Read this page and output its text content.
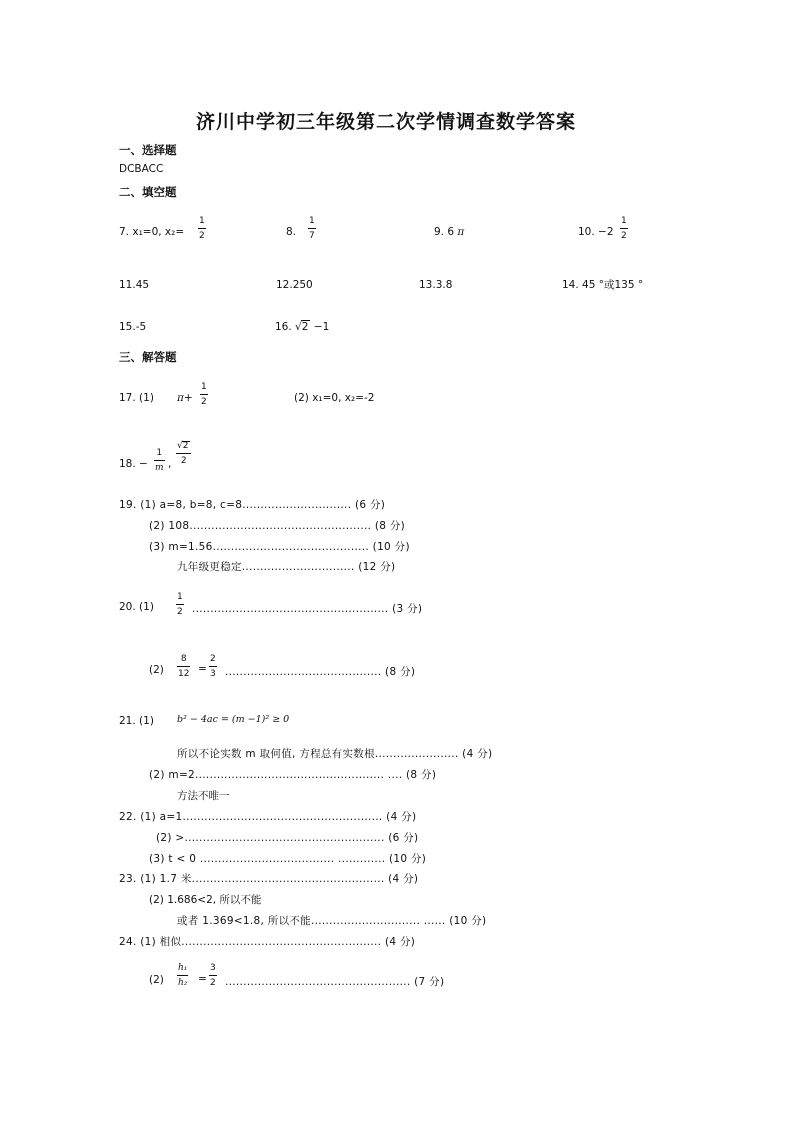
济川中学初三年级第二次学情调查数学答案
一、选择题
DCBACC
二、填空题
7. x₁=0, $x_2= \frac{1}{2}$	8. $\frac{1}{7}$	9. 6 π	10. $-2 \frac{1}{2}$
11.45	12.250	13.3.8	14. 45 °或135 °
15.-5	16. √2 −1
三、解答题
17. (1) $\pi+ \frac{1}{2}$	(2) x₁=0, x₂=-2
18. − $\frac{1}{m}$ , $\frac{√2}{2}$
19. (1) a=8, b=8, c=8.............................. (6 分)
(2) 108.................................................. (8 分)
(3) m=1.56........................................... (10 分)
九年级更稳定............................... (12 分)
20. $(1) \frac{1}{2}$ ...................................................... (3 分)
$(2) \frac{8}{12} = \frac{2}{3}$ ........................................... (8 分)
21. (1) b² − 4ac = (m −1)² ≥ 0
所以不论实数 m 取何值, 方程总有实数根....................... (4 分)
(2) m=2.................................................... .... (8 分)
方法不唯一
22. (1) a=1....................................................... (4 分)
(2) >....................................................... (6 分)
(3) t < 0 ..................................... ............. (10 分)
23. (1) 1.7 米..................................................... (4 分)
(2) 1.686<2, 所以不能
或者 1.369<1.8, 所以不能.............................. ...... (10 分)
24. (1) 相似....................................................... (4 分)
$(2) \frac{\text{h₁}}{\text{h₂}} = \frac{3}{2}$ ................................................... (7 分)
